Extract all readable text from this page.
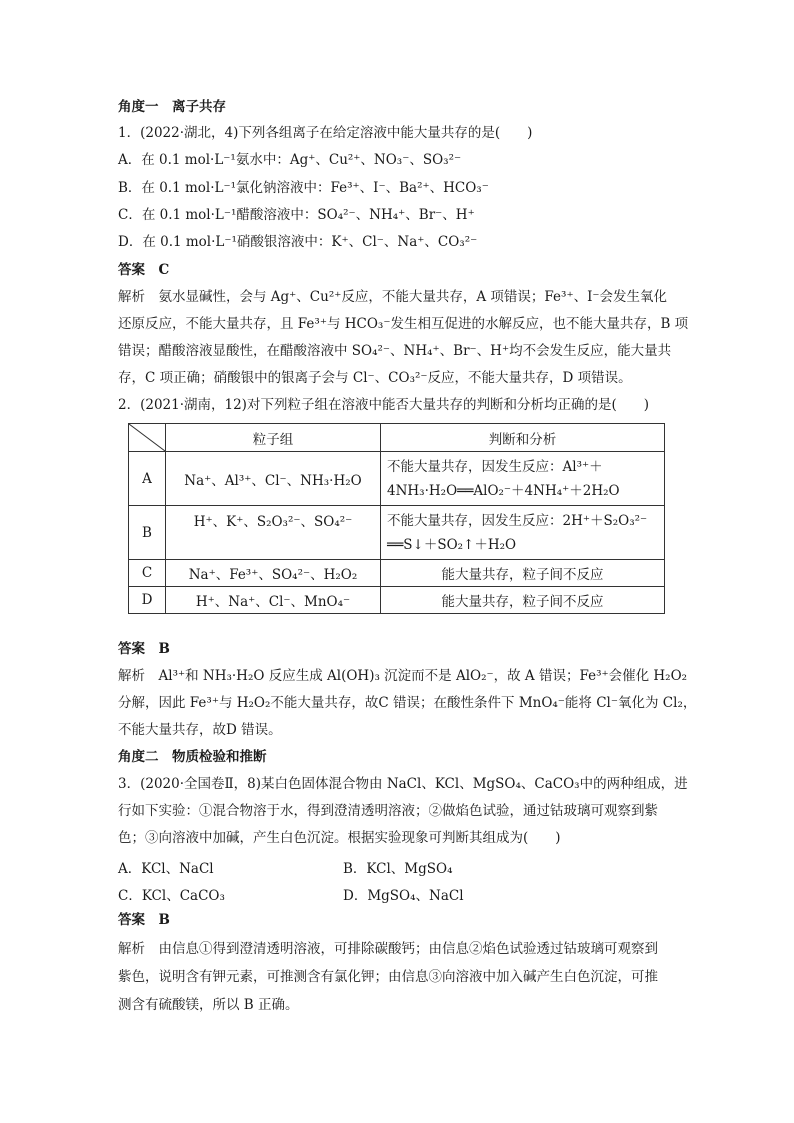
角度一　离子共存
1．(2022·湖北，4)下列各组离子在给定溶液中能大量共存的是(　　)
A．在 0.1 mol·L⁻¹氨水中：Ag⁺、Cu²⁺、NO₃⁻、SO₃²⁻
B．在 0.1 mol·L⁻¹氯化钠溶液中：Fe³⁺、I⁻、Ba²⁺、HCO₃⁻
C．在 0.1 mol·L⁻¹醋酸溶液中：SO₄²⁻、NH₄⁺、Br⁻、H⁺
D．在 0.1 mol·L⁻¹硝酸银溶液中：K⁺、Cl⁻、Na⁺、CO₃²⁻
答案　C
解析　氨水显碱性，会与 Ag⁺、Cu²⁺反应，不能大量共存，A 项错误；Fe³⁺、I⁻会发生氧化
还原反应，不能大量共存，且 Fe³⁺与 HCO₃⁻发生相互促进的水解反应，也不能大量共存，B 项
错误；醋酸溶液显酸性，在醋酸溶液中 SO₄²⁻、NH₄⁺、Br⁻、H⁺均不会发生反应，能大量共
存，C 项正确；硝酸银中的银离子会与 Cl⁻、CO₃²⁻反应，不能大量共存，D 项错误。
2．(2021·湖南，12)对下列粒子组在溶液中能否大量共存的判断和分析均正确的是(　　)
	粒子组	判断和分析
A	Na⁺、Al³⁺、Cl⁻、NH₃·H₂O	不能大量共存，因发生反应：Al³⁺＋
4NH₃·H₂O══AlO₂⁻＋4NH₄⁺＋2H₂O

B	H⁺、K⁺、S₂O₃²⁻、SO₄²⁻	不能大量共存，因发生反应：2H⁺＋S₂O₃²⁻
══S↓＋SO₂↑＋H₂O

C	Na⁺、Fe³⁺、SO₄²⁻、H₂O₂	能大量共存，粒子间不反应
D	H⁺、Na⁺、Cl⁻、MnO₄⁻	能大量共存，粒子间不反应
答案　B
解析　Al³⁺和 NH₃·H₂O 反应生成 Al(OH)₃ 沉淀而不是 AlO₂⁻，故 A 错误；Fe³⁺会催化 H₂O₂
分解，因此 Fe³⁺与 H₂O₂不能大量共存，故C 错误；在酸性条件下 MnO₄⁻能将 Cl⁻氧化为 Cl₂，
不能大量共存，故D 错误。
角度二　物质检验和推断
3．(2020·全国卷Ⅱ，8)某白色固体混合物由 NaCl、KCl、MgSO₄、CaCO₃中的两种组成，进
行如下实验：①混合物溶于水，得到澄清透明溶液；②做焰色试验，通过钴玻璃可观察到紫
色；③向溶液中加碱，产生白色沉淀。根据实验现象可判断其组成为(　　)
A．KCl、NaCl	B．KCl、MgSO₄
C．KCl、CaCO₃	D．MgSO₄、NaCl
答案　B
解析　由信息①得到澄清透明溶液，可排除碳酸钙；由信息②焰色试验透过钴玻璃可观察到
紫色，说明含有钾元素，可推测含有氯化钾；由信息③向溶液中加入碱产生白色沉淀，可推
测含有硫酸镁，所以 B 正确。
